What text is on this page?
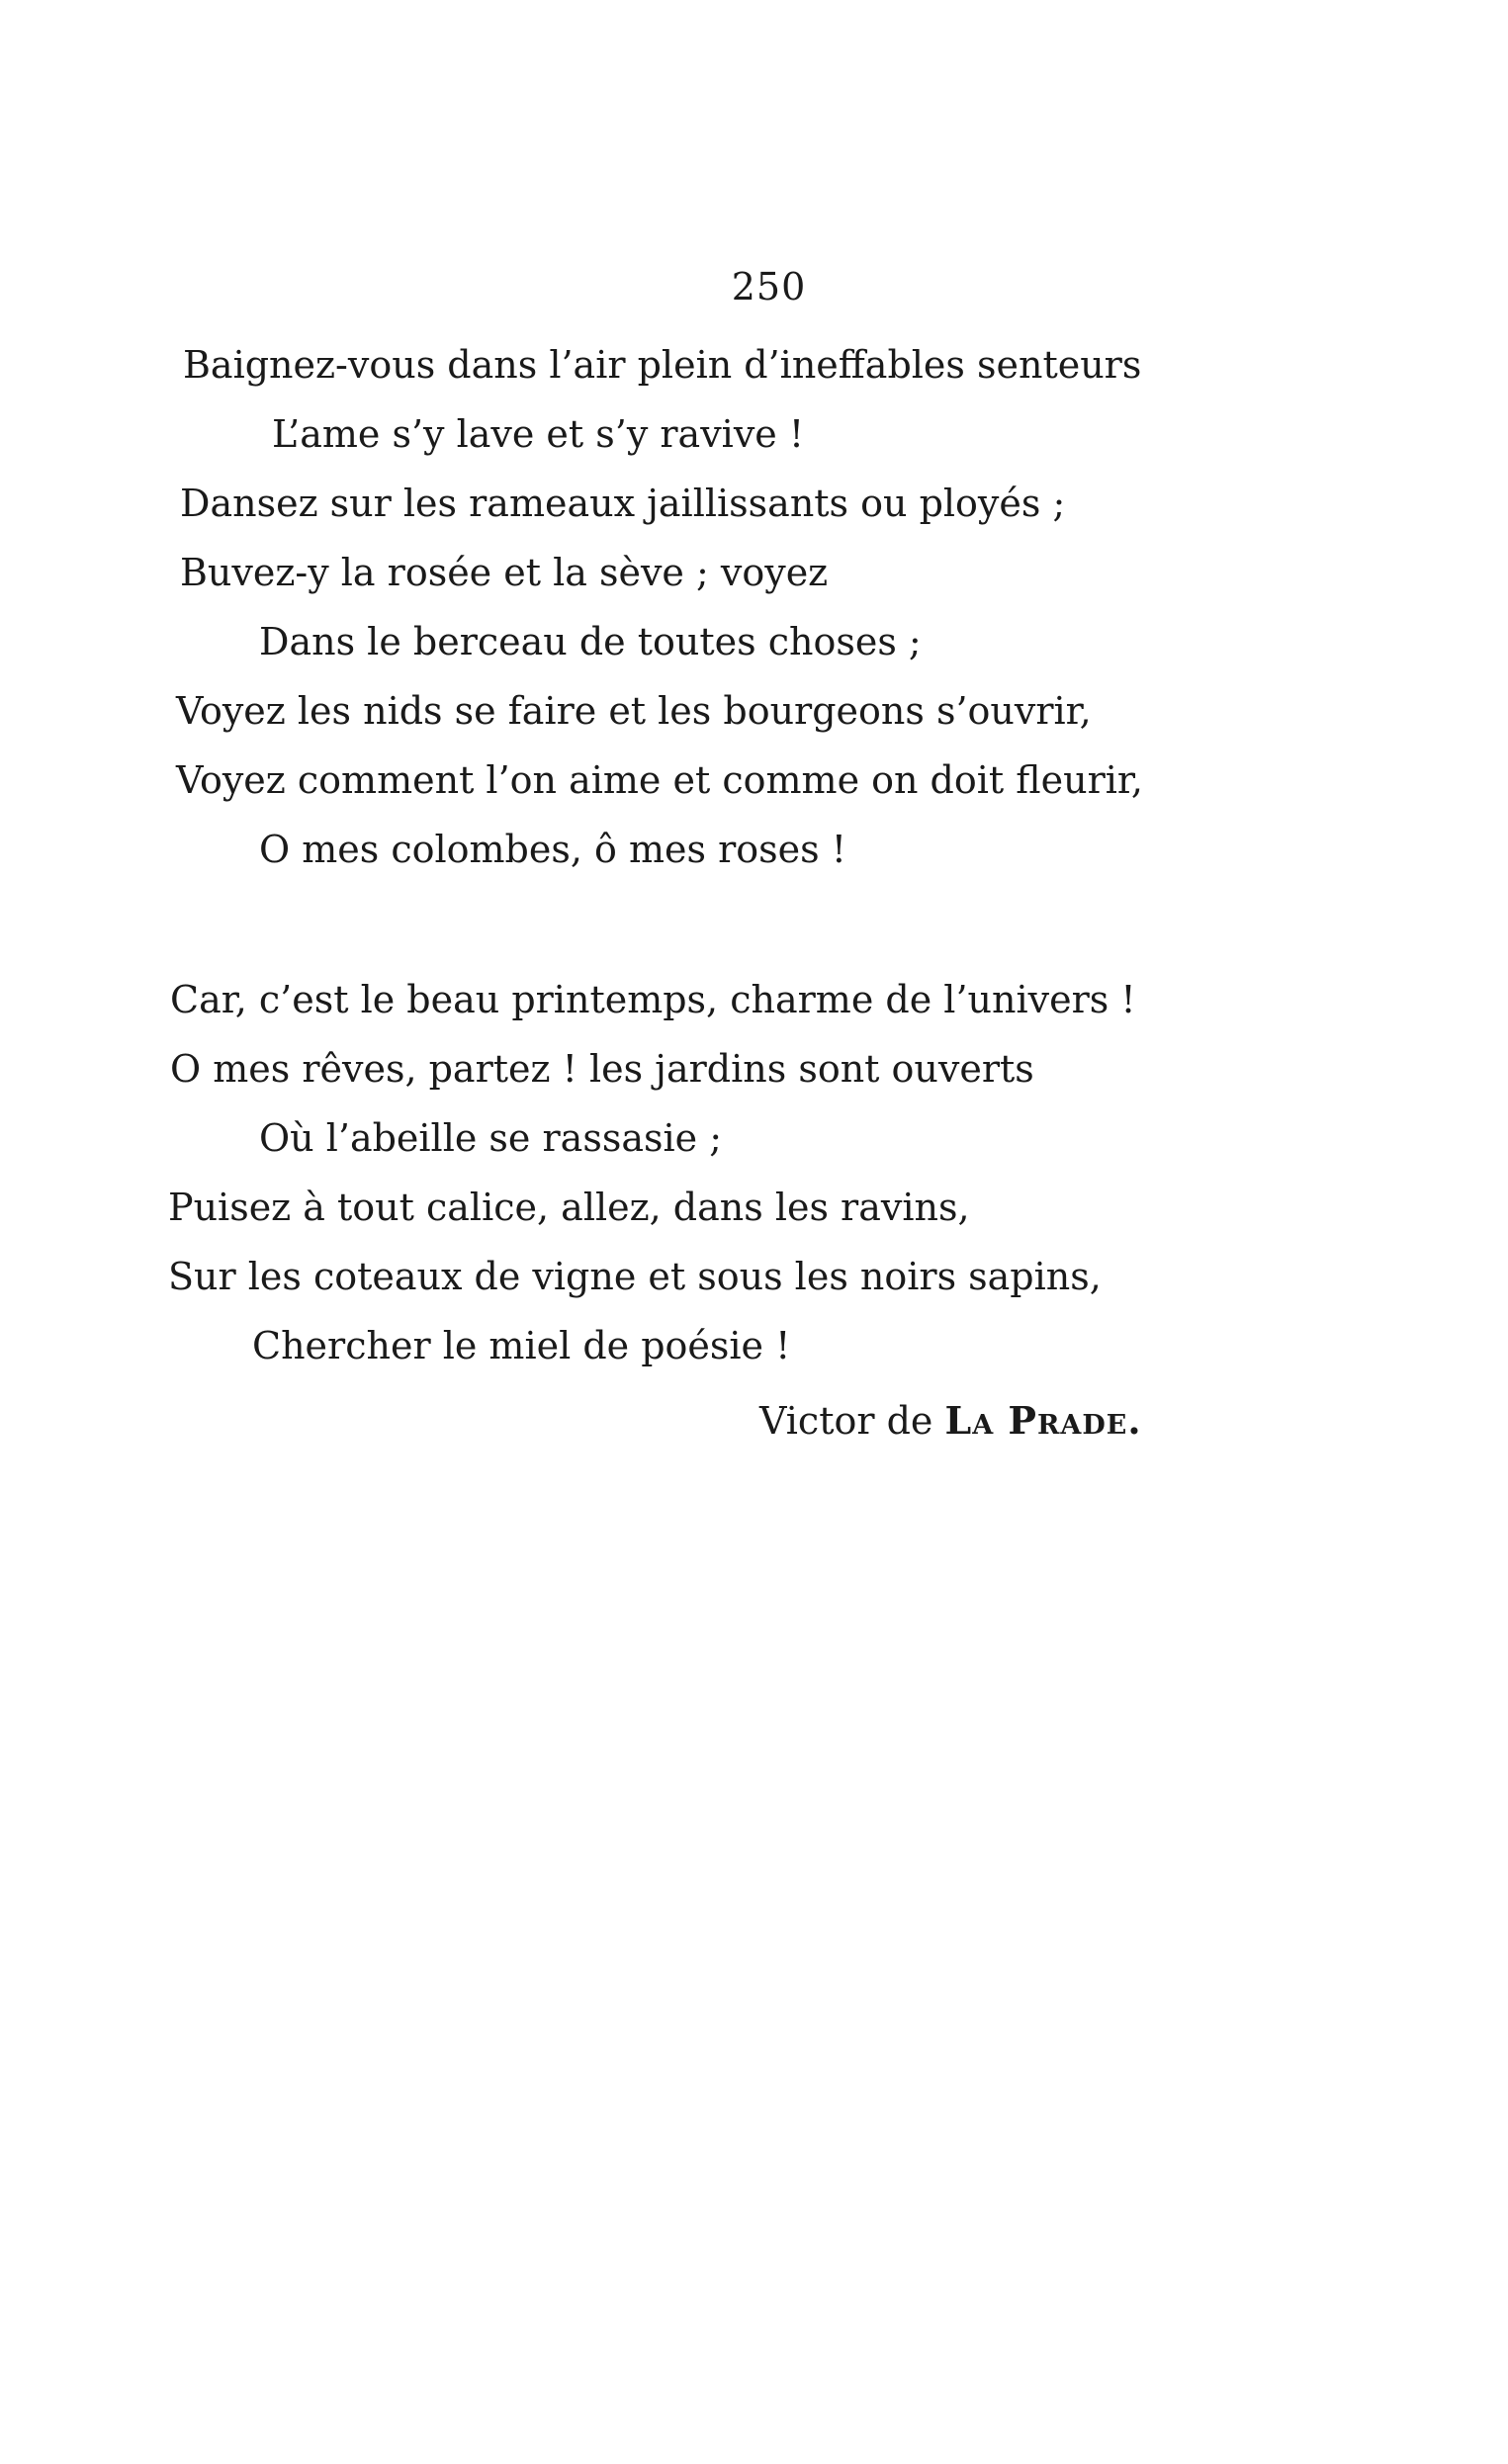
250
Baignez-vous dans l’air plein d’ineffables senteurs
L’ame s’y lave et s’y ravive !
Dansez sur les rameaux jaillissants ou ployés ;
Buvez-y la rosée et la sève ; voyez
Dans le berceau de toutes choses ;
Voyez les nids se faire et les bourgeons s’ouvrir,
Voyez comment l’on aime et comme on doit fleurir,
O mes colombes, ô mes roses !
Car, c’est le beau printemps, charme de l’univers !
O mes rêves, partez ! les jardins sont ouverts
Où l’abeille se rassasie ;
Puisez à tout calice, allez, dans les ravins,
Sur les coteaux de vigne et sous les noirs sapins,
Chercher le miel de poésie !
Victor de La Prade.
